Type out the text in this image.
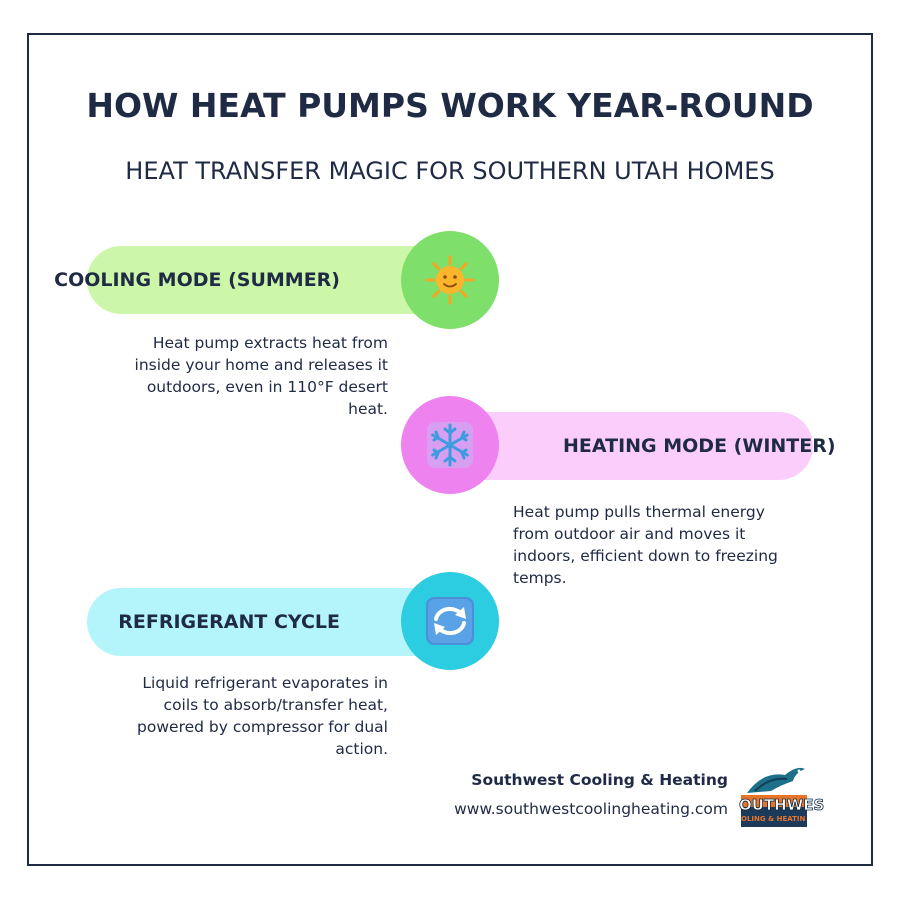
HOW HEAT PUMPS WORK YEAR-ROUND
HEAT TRANSFER MAGIC FOR SOUTHERN UTAH HOMES
COOLING MODE (SUMMER)
Heat pump extracts heat from inside your home and releases it outdoors, even in 110°F desert heat.
HEATING MODE (WINTER)
Heat pump pulls thermal energy from outdoor air and moves it indoors, efficient down to freezing temps.
REFRIGERANT CYCLE
Liquid refrigerant evaporates in coils to absorb/transfer heat, powered by compressor for dual action.
Southwest Cooling & Heating
www.southwestcoolingheating.com OUTHWES
OLING & HEATIN
